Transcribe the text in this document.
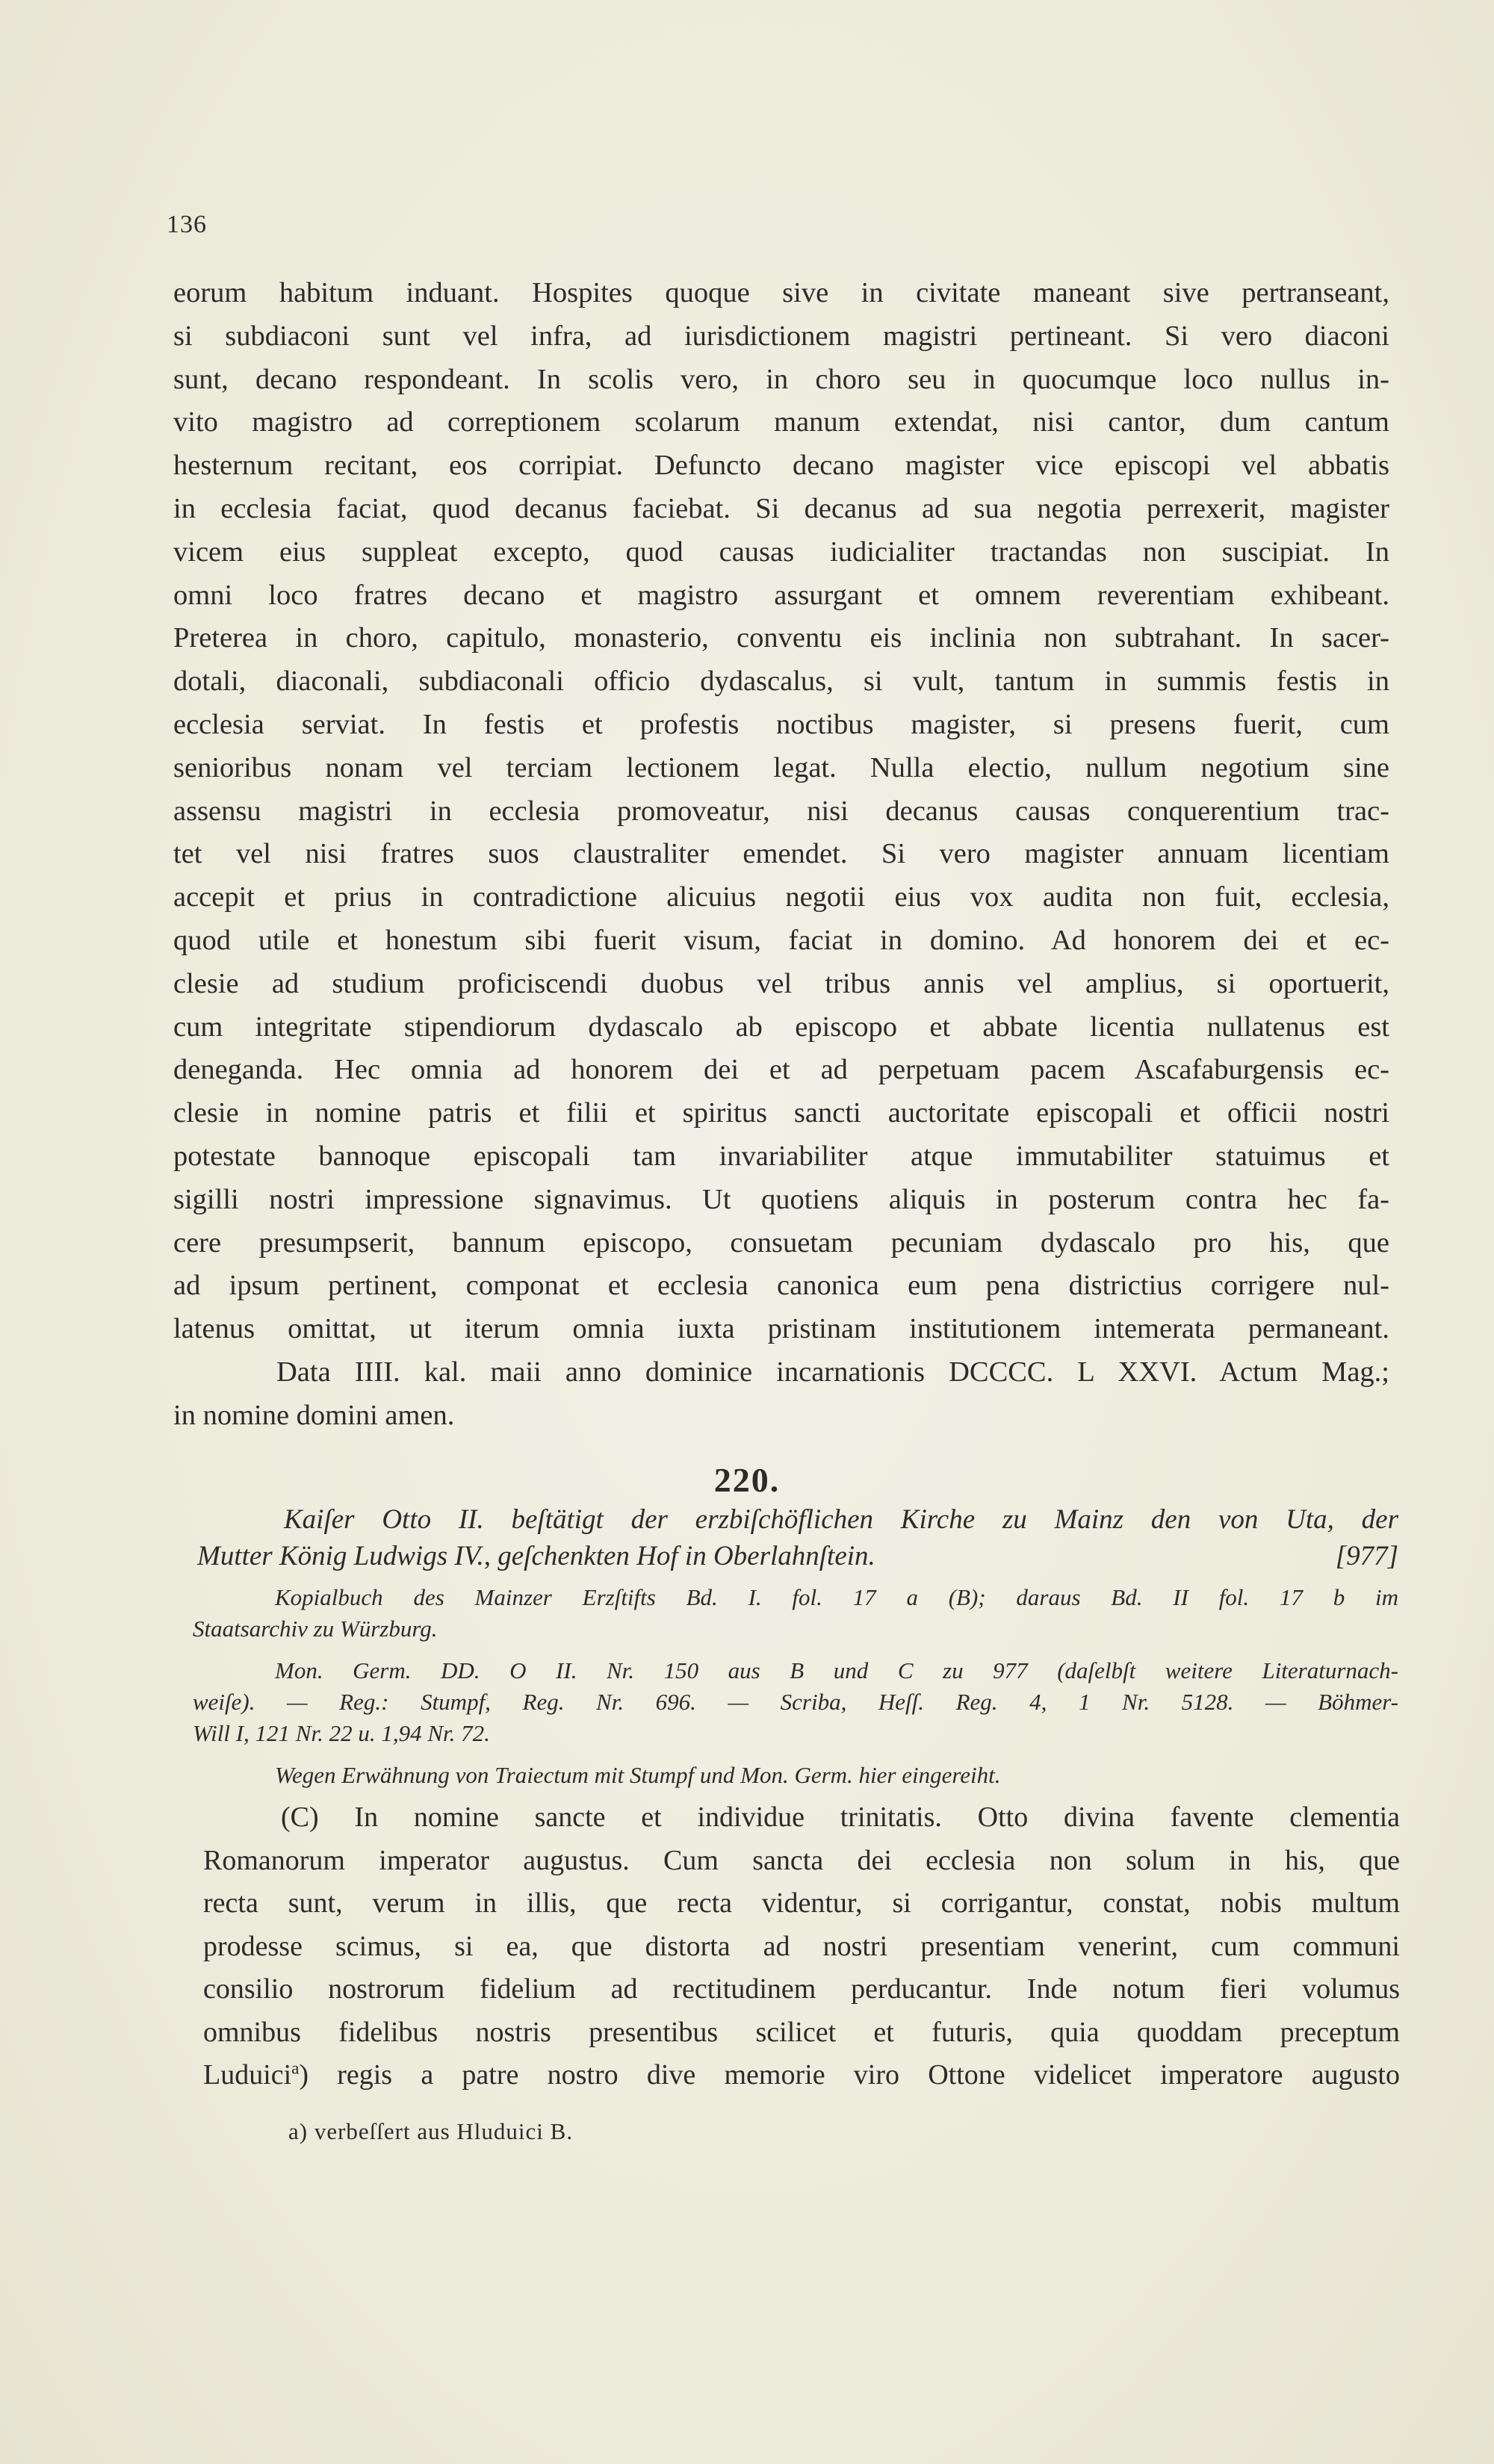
136
eorum habitum induant. Hospites quoque sive in civitate maneant sive pertranseant,
si subdiaconi sunt vel infra, ad iurisdictionem magistri pertineant. Si vero diaconi
sunt, decano respondeant. In scolis vero, in choro seu in quocumque loco nullus in-
vito magistro ad correptionem scolarum manum extendat, nisi cantor, dum cantum
hesternum recitant, eos corripiat. Defuncto decano magister vice episcopi vel abbatis
in ecclesia faciat, quod decanus faciebat. Si decanus ad sua negotia perrexerit, magister
vicem eius suppleat excepto, quod causas iudicialiter tractandas non suscipiat. In
omni loco fratres decano et magistro assurgant et omnem reverentiam exhibeant.
Preterea in choro, capitulo, monasterio, conventu eis inclinia non subtrahant. In sacer-
dotali, diaconali, subdiaconali officio dydascalus, si vult, tantum in summis festis in
ecclesia serviat. In festis et profestis noctibus magister, si presens fuerit, cum
senioribus nonam vel terciam lectionem legat. Nulla electio, nullum negotium sine
assensu magistri in ecclesia promoveatur, nisi decanus causas conquerentium trac-
tet vel nisi fratres suos claustraliter emendet. Si vero magister annuam licentiam
accepit et prius in contradictione alicuius negotii eius vox audita non fuit, ecclesia,
quod utile et honestum sibi fuerit visum, faciat in domino. Ad honorem dei et ec-
clesie ad studium proficiscendi duobus vel tribus annis vel amplius, si oportuerit,
cum integritate stipendiorum dydascalo ab episcopo et abbate licentia nullatenus est
deneganda. Hec omnia ad honorem dei et ad perpetuam pacem Ascafaburgensis ec-
clesie in nomine patris et filii et spiritus sancti auctoritate episcopali et officii nostri
potestate bannoque episcopali tam invariabiliter atque immutabiliter statuimus et
sigilli nostri impressione signavimus. Ut quotiens aliquis in posterum contra hec fa-
cere presumpserit, bannum episcopo, consuetam pecuniam dydascalo pro his, que
ad ipsum pertinent, componat et ecclesia canonica eum pena districtius corrigere nul-
latenus omittat, ut iterum omnia iuxta pristinam institutionem intemerata permaneant.
Data IIII. kal. maii anno dominice incarnationis DCCCC. L XXVI. Actum Mag.;
in nomine domini amen.
220.
Kaiſer Otto II. beſtätigt der erzbiſchöflichen Kirche zu Mainz den von Uta, der
Mutter König Ludwigs IV., geſchenkten Hof in Oberlahnſtein.	[977]
Kopialbuch des Mainzer Erzſtifts Bd. I. fol. 17 a (B); daraus Bd. II fol. 17 b im
Staatsarchiv zu Würzburg.
Mon. Germ. DD. O II. Nr. 150 aus B und C zu 977 (daſelbſt weitere Literaturnach-
weiſe). — Reg.: Stumpf, Reg. Nr. 696. — Scriba, Heſſ. Reg. 4, 1 Nr. 5128. — Böhmer-
Will I, 121 Nr. 22 u. 1,94 Nr. 72.
Wegen Erwähnung von Traiectum mit Stumpf und Mon. Germ. hier eingereiht.
(C) In nomine sancte et individue trinitatis. Otto divina favente clementia
Romanorum imperator augustus. Cum sancta dei ecclesia non solum in his, que
recta sunt, verum in illis, que recta videntur, si corrigantur, constat, nobis multum
prodesse scimus, si ea, que distorta ad nostri presentiam venerint, cum communi
consilio nostrorum fidelium ad rectitudinem perducantur. Inde notum fieri volumus
omnibus fidelibus nostris presentibus scilicet et futuris, quia quoddam preceptum
Luduici$^a$) regis a patre nostro dive memorie viro Ottone videlicet imperatore augusto
a) verbeſſert aus Hluduici B.
